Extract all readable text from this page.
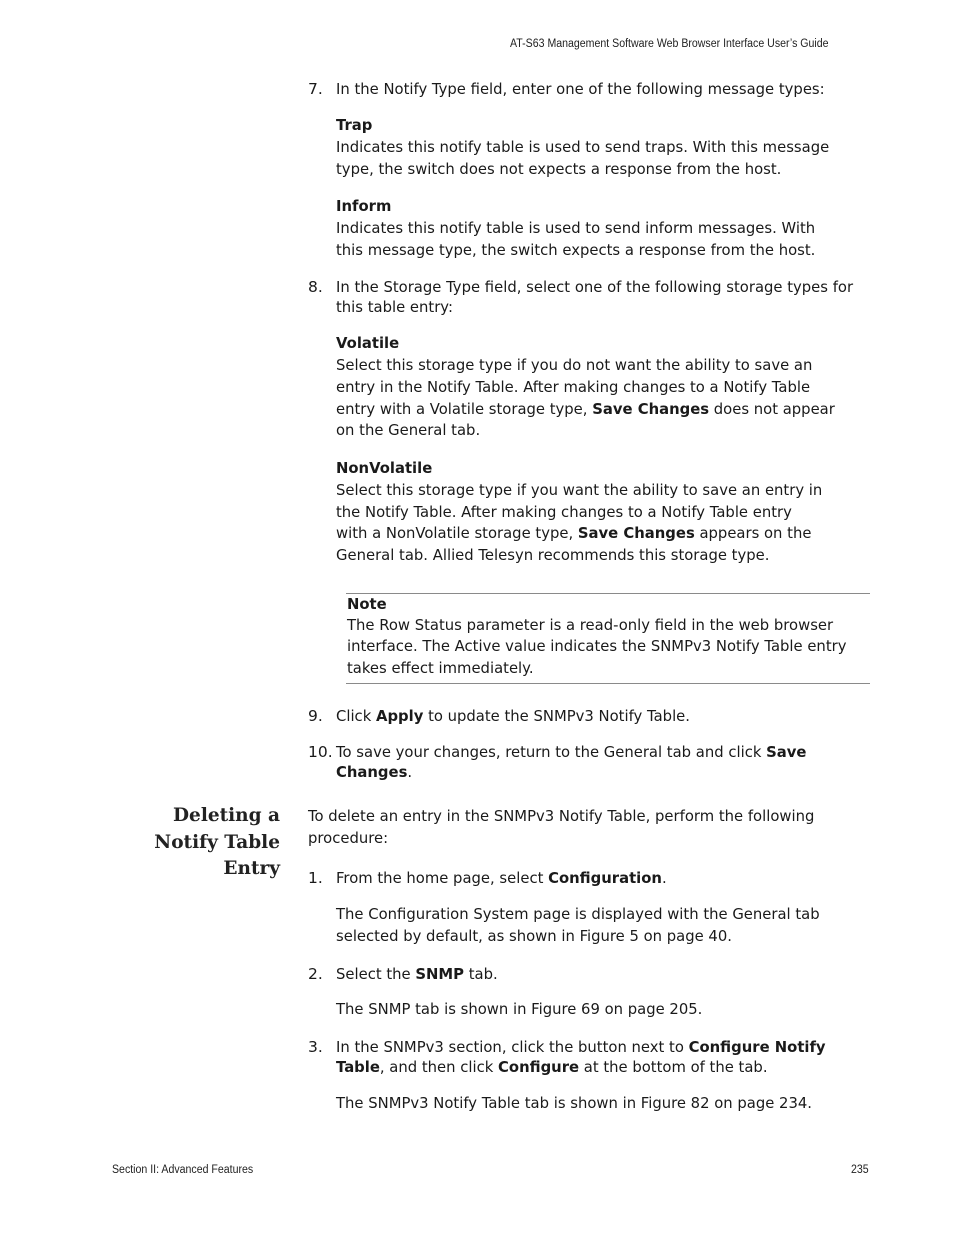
AT-S63 Management Software Web Browser Interface User’s Guide
Section II: Advanced Features	235
7. In the Notify Type field, enter one of the following message types:
Trap
Indicates this notify table is used to send traps. With this message
type, the switch does not expects a response from the host.
Inform
Indicates this notify table is used to send inform messages. With
this message type, the switch expects a response from the host.
8. In the Storage Type field, select one of the following storage types for
this table entry:
Volatile
Select this storage type if you do not want the ability to save an
entry in the Notify Table. After making changes to a Notify Table
entry with a Volatile storage type, Save Changes does not appear
on the General tab.
NonVolatile
Select this storage type if you want the ability to save an entry in
the Notify Table. After making changes to a Notify Table entry
with a NonVolatile storage type, Save Changes appears on the
General tab. Allied Telesyn recommends this storage type.
Note
The Row Status parameter is a read-only field in the web browser
interface. The Active value indicates the SNMPv3 Notify Table entry
takes effect immediately.
9. Click Apply to update the SNMPv3 Notify Table.
10. To save your changes, return to the General tab and click Save
Changes.
Deleting a
Notify Table
Entry
To delete an entry in the SNMPv3 Notify Table, perform the following
procedure:
1. From the home page, select Configuration.
The Configuration System page is displayed with the General tab
selected by default, as shown in Figure 5 on page 40.
2. Select the SNMP tab.
The SNMP tab is shown in Figure 69 on page 205.
3. In the SNMPv3 section, click the button next to Configure Notify
Table, and then click Configure at the bottom of the tab.
The SNMPv3 Notify Table tab is shown in Figure 82 on page 234.
